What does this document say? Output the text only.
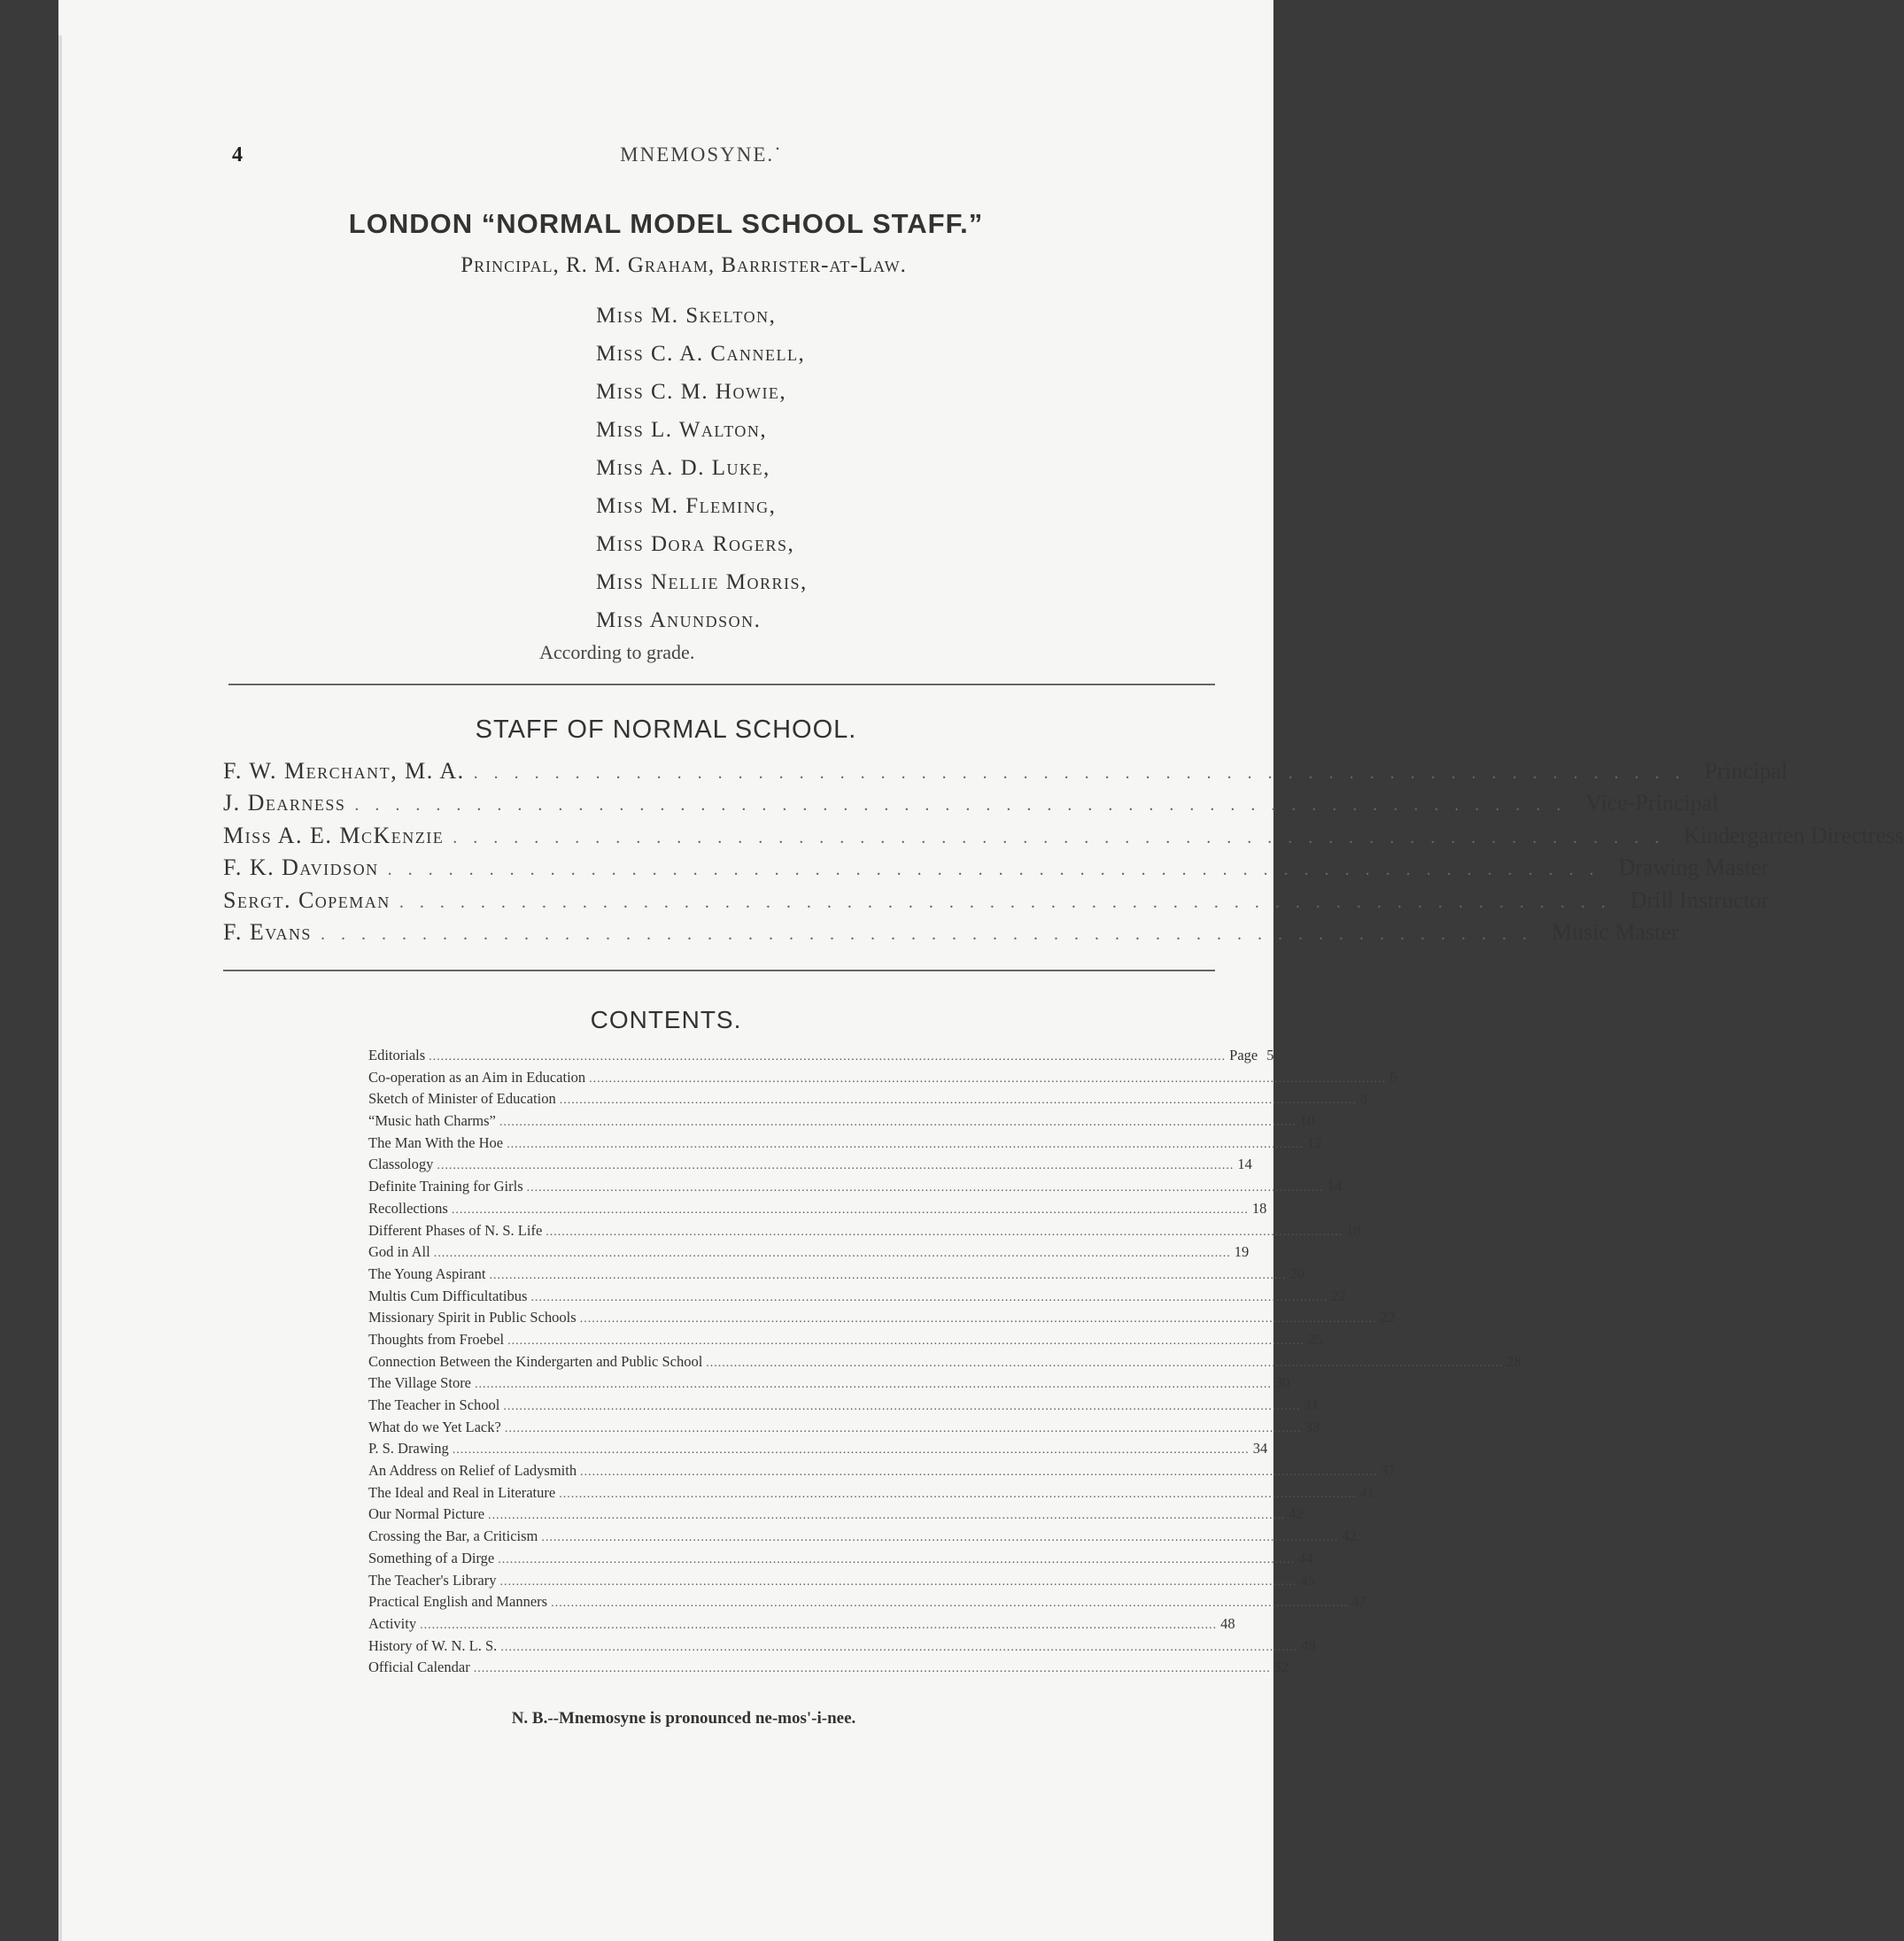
4	MNEMOSYNE.˙
LONDON “NORMAL MODEL SCHOOL STAFF.”
Principal, R. M. Graham, Barrister-at-Law.
Miss M. Skelton,
Miss C. A. Cannell,
Miss C. M. Howie,
Miss L. Walton,
Miss A. D. Luke,
Miss M. Fleming,
Miss Dora Rogers,
Miss Nellie Morris,
Miss Anundson.
According to grade.
STAFF OF NORMAL SCHOOL.
F. W. Merchant, M. A. ............................................................ Principal
J. Dearness ............................................................ Vice-Principal
Miss A. E. McKenzie ............................................................ Kindergarten Directress
F. K. Davidson ............................................................ Drawing Master
Sergt. Copeman ............................................................ Drill Instructor
F. Evans ............................................................ Music Master
CONTENTS.
Editorials ........................................................................................................................................................................................................ Page 5
Co-operation as an Aim in Education ........................................................................................................................................................................................................ 6
Sketch of Minister of Education ........................................................................................................................................................................................................ 8
“Music hath Charms” ........................................................................................................................................................................................................ 10
The Man With the Hoe ........................................................................................................................................................................................................ 12
Classology ........................................................................................................................................................................................................ 14
Definite Training for Girls ........................................................................................................................................................................................................ 14
Recollections ........................................................................................................................................................................................................ 18
Different Phases of N. S. Life ........................................................................................................................................................................................................ 18
God in All ........................................................................................................................................................................................................ 19
The Young Aspirant ........................................................................................................................................................................................................ 20
Multis Cum Difficultatibus ........................................................................................................................................................................................................ 22
Missionary Spirit in Public Schools ........................................................................................................................................................................................................ 22
Thoughts from Froebel ........................................................................................................................................................................................................ 25
Connection Between the Kindergarten and Public School ........................................................................................................................................................................................................ 28
The Village Store ........................................................................................................................................................................................................ 30
The Teacher in School ........................................................................................................................................................................................................ 31
What do we Yet Lack? ........................................................................................................................................................................................................ 33
P. S. Drawing ........................................................................................................................................................................................................ 34
An Address on Relief of Ladysmith ........................................................................................................................................................................................................ 37
The Ideal and Real in Literature ........................................................................................................................................................................................................ 41
Our Normal Picture ........................................................................................................................................................................................................ 42
Crossing the Bar, a Criticism ........................................................................................................................................................................................................ 42
Something of a Dirge ........................................................................................................................................................................................................ 44
The Teacher's Library ........................................................................................................................................................................................................ 45
Practical English and Manners ........................................................................................................................................................................................................ 47
Activity ........................................................................................................................................................................................................ 48
History of W. N. L. S. ........................................................................................................................................................................................................ 49
Official Calendar ........................................................................................................................................................................................................ 52
N. B.--Mnemosyne is pronounced ne-mos'-i-nee.
